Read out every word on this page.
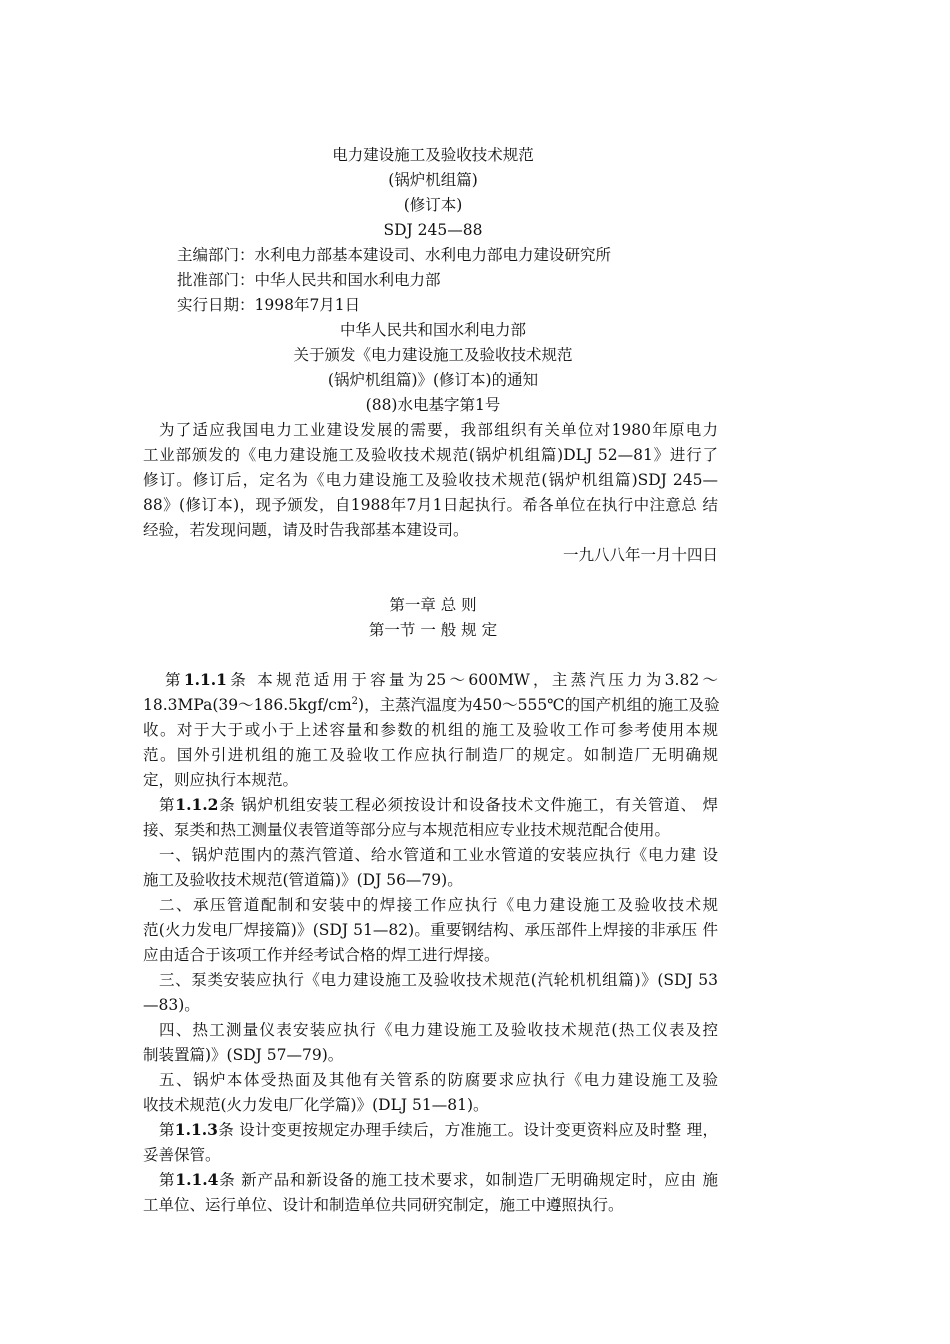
电力建设施工及验收技术规范
(锅炉机组篇)
(修订本)
SDJ 245—88
主编部门：水利电力部基本建设司、水利电力部电力建设研究所
批准部门：中华人民共和国水利电力部
实行日期：1998年7月1日
中华人民共和国水利电力部
关于颁发《电力建设施工及验收技术规范
(锅炉机组篇)》(修订本)的通知
(88)水电基字第1号
为了适应我国电力工业建设发展的需要，我部组织有关单位对1980年原电力
工业部颁发的《电力建设施工及验收技术规范(锅炉机组篇)DLJ 52—81》进行了
修订。修订后，定名为《电力建设施工及验收技术规范(锅炉机组篇)SDJ 245—
88》(修订本)，现予颁发，自1988年7月1日起执行。希各单位在执行中注意总 结
经验，若发现问题，请及时告我部基本建设司。
一九八八年一月十四日
第一章 总 则
第一节 一 般 规 定
第1.1.1条 本规范适用于容量为25～600MW，主蒸汽压力为3.82～
$18.3MPa(39\sim 186.5kgf/cm^2)$，主蒸汽温度为450～555℃的国产机组的施工及验
收。对于大于或小于上述容量和参数的机组的施工及验收工作可参考使用本规
范。国外引进机组的施工及验收工作应执行制造厂的规定。如制造厂无明确规
定，则应执行本规范。
第1.1.2条 锅炉机组安装工程必须按设计和设备技术文件施工，有关管道、 焊
接、泵类和热工测量仪表管道等部分应与本规范相应专业技术规范配合使用。
一、锅炉范围内的蒸汽管道、给水管道和工业水管道的安装应执行《电力建 设
施工及验收技术规范(管道篇)》(DJ 56—79)。
二、承压管道配制和安装中的焊接工作应执行《电力建设施工及验收技术规
范(火力发电厂焊接篇)》(SDJ 51—82)。重要钢结构、承压部件上焊接的非承压 件
应由适合于该项工作并经考试合格的焊工进行焊接。
三、泵类安装应执行《电力建设施工及验收技术规范(汽轮机机组篇)》(SDJ 53
—83)。
四、热工测量仪表安装应执行《电力建设施工及验收技术规范(热工仪表及控
制装置篇)》(SDJ 57—79)。
五、锅炉本体受热面及其他有关管系的防腐要求应执行《电力建设施工及验
收技术规范(火力发电厂化学篇)》(DLJ 51—81)。
第1.1.3条 设计变更按规定办理手续后，方准施工。设计变更资料应及时整 理，
妥善保管。
第1.1.4条 新产品和新设备的施工技术要求，如制造厂无明确规定时，应由 施
工单位、运行单位、设计和制造单位共同研究制定，施工中遵照执行。
